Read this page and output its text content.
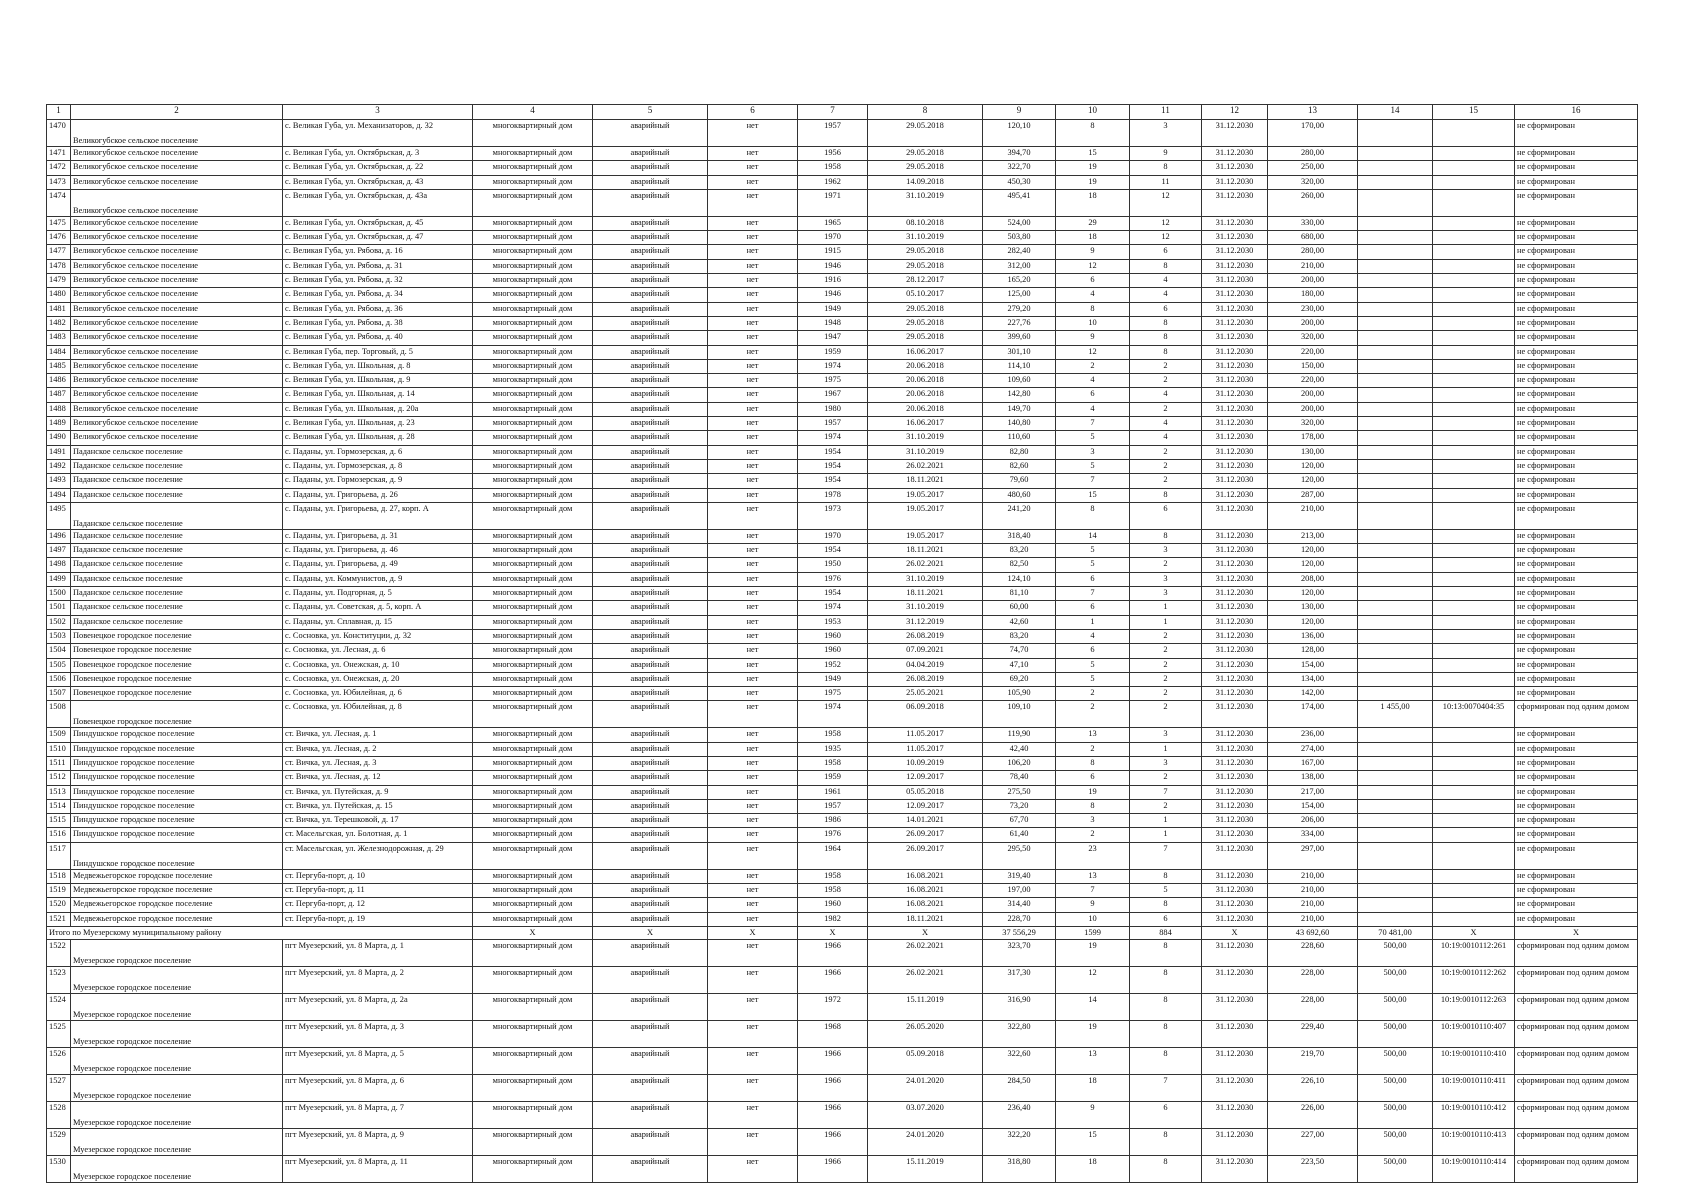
1	2	3	4	5	6	7	8	9	10	11	12	13	14	15	16
1470	Великогубское сельское поселение	с. Великая Губа, ул. Механизаторов, д. 32	многоквартирный дом	аварийный	нет	1957	29.05.2018	120,10	8	3	31.12.2030	170,00			не сформирован
1471	Великогубское сельское поселение	с. Великая Губа, ул. Октябрьская, д. 3	многоквартирный дом	аварийный	нет	1956	29.05.2018	394,70	15	9	31.12.2030	280,00			не сформирован
1472	Великогубское сельское поселение	с. Великая Губа, ул. Октябрьская, д. 22	многоквартирный дом	аварийный	нет	1958	29.05.2018	322,70	19	8	31.12.2030	250,00			не сформирован
1473	Великогубское сельское поселение	с. Великая Губа, ул. Октябрьская, д. 43	многоквартирный дом	аварийный	нет	1962	14.09.2018	450,30	19	11	31.12.2030	320,00			не сформирован
1474	Великогубское сельское поселение	с. Великая Губа, ул. Октябрьская, д. 43а	многоквартирный дом	аварийный	нет	1971	31.10.2019	495,41	18	12	31.12.2030	260,00			не сформирован
1475	Великогубское сельское поселение	с. Великая Губа, ул. Октябрьская, д. 45	многоквартирный дом	аварийный	нет	1965	08.10.2018	524,00	29	12	31.12.2030	330,00			не сформирован
1476	Великогубское сельское поселение	с. Великая Губа, ул. Октябрьская, д. 47	многоквартирный дом	аварийный	нет	1970	31.10.2019	503,80	18	12	31.12.2030	680,00			не сформирован
1477	Великогубское сельское поселение	с. Великая Губа, ул. Рябова, д. 16	многоквартирный дом	аварийный	нет	1915	29.05.2018	282,40	9	6	31.12.2030	280,00			не сформирован
1478	Великогубское сельское поселение	с. Великая Губа, ул. Рябова, д. 31	многоквартирный дом	аварийный	нет	1946	29.05.2018	312,00	12	8	31.12.2030	210,00			не сформирован
1479	Великогубское сельское поселение	с. Великая Губа, ул. Рябова, д. 32	многоквартирный дом	аварийный	нет	1916	28.12.2017	165,20	6	4	31.12.2030	200,00			не сформирован
1480	Великогубское сельское поселение	с. Великая Губа, ул. Рябова, д. 34	многоквартирный дом	аварийный	нет	1946	05.10.2017	125,00	4	4	31.12.2030	180,00			не сформирован
1481	Великогубское сельское поселение	с. Великая Губа, ул. Рябова, д. 36	многоквартирный дом	аварийный	нет	1949	29.05.2018	279,20	8	6	31.12.2030	230,00			не сформирован
1482	Великогубское сельское поселение	с. Великая Губа, ул. Рябова, д. 38	многоквартирный дом	аварийный	нет	1948	29.05.2018	227,76	10	8	31.12.2030	200,00			не сформирован
1483	Великогубское сельское поселение	с. Великая Губа, ул. Рябова, д. 40	многоквартирный дом	аварийный	нет	1947	29.05.2018	399,60	9	8	31.12.2030	320,00			не сформирован
1484	Великогубское сельское поселение	с. Великая Губа, пер. Торговый, д. 5	многоквартирный дом	аварийный	нет	1959	16.06.2017	301,10	12	8	31.12.2030	220,00			не сформирован
1485	Великогубское сельское поселение	с. Великая Губа, ул. Школьная, д. 8	многоквартирный дом	аварийный	нет	1974	20.06.2018	114,10	2	2	31.12.2030	150,00			не сформирован
1486	Великогубское сельское поселение	с. Великая Губа, ул. Школьная, д. 9	многоквартирный дом	аварийный	нет	1975	20.06.2018	109,60	4	2	31.12.2030	220,00			не сформирован
1487	Великогубское сельское поселение	с. Великая Губа, ул. Школьная, д. 14	многоквартирный дом	аварийный	нет	1967	20.06.2018	142,80	6	4	31.12.2030	200,00			не сформирован
1488	Великогубское сельское поселение	с. Великая Губа, ул. Школьная, д. 20а	многоквартирный дом	аварийный	нет	1980	20.06.2018	149,70	4	2	31.12.2030	200,00			не сформирован
1489	Великогубское сельское поселение	с. Великая Губа, ул. Школьная, д. 23	многоквартирный дом	аварийный	нет	1957	16.06.2017	140,80	7	4	31.12.2030	320,00			не сформирован
1490	Великогубское сельское поселение	с. Великая Губа, ул. Школьная, д. 28	многоквартирный дом	аварийный	нет	1974	31.10.2019	110,60	5	4	31.12.2030	178,00			не сформирован
1491	Паданское сельское поселение	с. Паданы, ул. Гормозерская, д. 6	многоквартирный дом	аварийный	нет	1954	31.10.2019	82,80	3	2	31.12.2030	130,00			не сформирован
1492	Паданское сельское поселение	с. Паданы, ул. Гормозерская, д. 8	многоквартирный дом	аварийный	нет	1954	26.02.2021	82,60	5	2	31.12.2030	120,00			не сформирован
1493	Паданское сельское поселение	с. Паданы, ул. Гормозерская, д. 9	многоквартирный дом	аварийный	нет	1954	18.11.2021	79,60	7	2	31.12.2030	120,00			не сформирован
1494	Паданское сельское поселение	с. Паданы, ул. Григорьева, д. 26	многоквартирный дом	аварийный	нет	1978	19.05.2017	480,60	15	8	31.12.2030	287,00			не сформирован
1495	Паданское сельское поселение	с. Паданы, ул. Григорьева, д. 27, корп. А	многоквартирный дом	аварийный	нет	1973	19.05.2017	241,20	8	6	31.12.2030	210,00			не сформирован
1496	Паданское сельское поселение	с. Паданы, ул. Григорьева, д. 31	многоквартирный дом	аварийный	нет	1970	19.05.2017	318,40	14	8	31.12.2030	213,00			не сформирован
1497	Паданское сельское поселение	с. Паданы, ул. Григорьева, д. 46	многоквартирный дом	аварийный	нет	1954	18.11.2021	83,20	5	3	31.12.2030	120,00			не сформирован
1498	Паданское сельское поселение	с. Паданы, ул. Григорьева, д. 49	многоквартирный дом	аварийный	нет	1950	26.02.2021	82,50	5	2	31.12.2030	120,00			не сформирован
1499	Паданское сельское поселение	с. Паданы, ул. Коммунистов, д. 9	многоквартирный дом	аварийный	нет	1976	31.10.2019	124,10	6	3	31.12.2030	208,00			не сформирован
1500	Паданское сельское поселение	с. Паданы, ул. Подгорная, д. 5	многоквартирный дом	аварийный	нет	1954	18.11.2021	81,10	7	3	31.12.2030	120,00			не сформирован
1501	Паданское сельское поселение	с. Паданы, ул. Советская, д. 5, корп. А	многоквартирный дом	аварийный	нет	1974	31.10.2019	60,00	6	1	31.12.2030	130,00			не сформирован
1502	Паданское сельское поселение	с. Паданы, ул. Сплавная, д. 15	многоквартирный дом	аварийный	нет	1953	31.12.2019	42,60	1	1	31.12.2030	120,00			не сформирован
1503	Повенецкое городское поселение	с. Сосновка, ул. Конституции, д. 32	многоквартирный дом	аварийный	нет	1960	26.08.2019	83,20	4	2	31.12.2030	136,00			не сформирован
1504	Повенецкое городское поселение	с. Сосновка, ул. Лесная, д. 6	многоквартирный дом	аварийный	нет	1960	07.09.2021	74,70	6	2	31.12.2030	128,00			не сформирован
1505	Повенецкое городское поселение	с. Сосновка, ул. Онежская, д. 10	многоквартирный дом	аварийный	нет	1952	04.04.2019	47,10	5	2	31.12.2030	154,00			не сформирован
1506	Повенецкое городское поселение	с. Сосновка, ул. Онежская, д. 20	многоквартирный дом	аварийный	нет	1949	26.08.2019	69,20	5	2	31.12.2030	134,00			не сформирован
1507	Повенецкое городское поселение	с. Сосновка, ул. Юбилейная, д. 6	многоквартирный дом	аварийный	нет	1975	25.05.2021	105,90	2	2	31.12.2030	142,00			не сформирован
1508	Повенецкое городское поселение	с. Сосновка, ул. Юбилейная, д. 8	многоквартирный дом	аварийный	нет	1974	06.09.2018	109,10	2	2	31.12.2030	174,00	1 455,00	10:13:0070404:35	сформирован под одним домом
1509	Пиндушское городское поселение	ст. Вичка, ул. Лесная, д. 1	многоквартирный дом	аварийный	нет	1958	11.05.2017	119,90	13	3	31.12.2030	236,00			не сформирован
1510	Пиндушское городское поселение	ст. Вичка, ул. Лесная, д. 2	многоквартирный дом	аварийный	нет	1935	11.05.2017	42,40	2	1	31.12.2030	274,00			не сформирован
1511	Пиндушское городское поселение	ст. Вичка, ул. Лесная, д. 3	многоквартирный дом	аварийный	нет	1958	10.09.2019	106,20	8	3	31.12.2030	167,00			не сформирован
1512	Пиндушское городское поселение	ст. Вичка, ул. Лесная, д. 12	многоквартирный дом	аварийный	нет	1959	12.09.2017	78,40	6	2	31.12.2030	138,00			не сформирован
1513	Пиндушское городское поселение	ст. Вичка, ул. Путейская, д. 9	многоквартирный дом	аварийный	нет	1961	05.05.2018	275,50	19	7	31.12.2030	217,00			не сформирован
1514	Пиндушское городское поселение	ст. Вичка, ул. Путейская, д. 15	многоквартирный дом	аварийный	нет	1957	12.09.2017	73,20	8	2	31.12.2030	154,00			не сформирован
1515	Пиндушское городское поселение	ст. Вичка, ул. Терешковой, д. 17	многоквартирный дом	аварийный	нет	1986	14.01.2021	67,70	3	1	31.12.2030	206,00			не сформирован
1516	Пиндушское городское поселение	ст. Масельгская, ул. Болотная, д. 1	многоквартирный дом	аварийный	нет	1976	26.09.2017	61,40	2	1	31.12.2030	334,00			не сформирован
1517	Пиндушское городское поселение	ст. Масельгская, ул. Железнодорожная, д. 29	многоквартирный дом	аварийный	нет	1964	26.09.2017	295,50	23	7	31.12.2030	297,00			не сформирован
1518	Медвежьегорское городское поселение	ст. Пергуба-порт, д. 10	многоквартирный дом	аварийный	нет	1958	16.08.2021	319,40	13	8	31.12.2030	210,00			не сформирован
1519	Медвежьегорское городское поселение	ст. Пергуба-порт, д. 11	многоквартирный дом	аварийный	нет	1958	16.08.2021	197,00	7	5	31.12.2030	210,00			не сформирован
1520	Медвежьегорское городское поселение	ст. Пергуба-порт, д. 12	многоквартирный дом	аварийный	нет	1960	16.08.2021	314,40	9	8	31.12.2030	210,00			не сформирован
1521	Медвежьегорское городское поселение	ст. Пергуба-порт, д. 19	многоквартирный дом	аварийный	нет	1982	18.11.2021	228,70	10	6	31.12.2030	210,00			не сформирован
Итого по Муезерскому муниципальному району			X	X	X	X	X	37 556,29	1599	884	X	43 692,60	70 481,00	X	X
1522	Муезерское городское поселение	пгт Муезерский, ул. 8 Марта, д. 1	многоквартирный дом	аварийный	нет	1966	26.02.2021	323,70	19	8	31.12.2030	228,60	500,00	10:19:0010112:261	сформирован под одним домом
1523	Муезерское городское поселение	пгт Муезерский, ул. 8 Марта, д. 2	многоквартирный дом	аварийный	нет	1966	26.02.2021	317,30	12	8	31.12.2030	228,00	500,00	10:19:0010112:262	сформирован под одним домом
1524	Муезерское городское поселение	пгт Муезерский, ул. 8 Марта, д. 2а	многоквартирный дом	аварийный	нет	1972	15.11.2019	316,90	14	8	31.12.2030	228,00	500,00	10:19:0010112:263	сформирован под одним домом
1525	Муезерское городское поселение	пгт Муезерский, ул. 8 Марта, д. 3	многоквартирный дом	аварийный	нет	1968	26.05.2020	322,80	19	8	31.12.2030	229,40	500,00	10:19:0010110:407	сформирован под одним домом
1526	Муезерское городское поселение	пгт Муезерский, ул. 8 Марта, д. 5	многоквартирный дом	аварийный	нет	1966	05.09.2018	322,60	13	8	31.12.2030	219,70	500,00	10:19:0010110:410	сформирован под одним домом
1527	Муезерское городское поселение	пгт Муезерский, ул. 8 Марта, д. 6	многоквартирный дом	аварийный	нет	1966	24.01.2020	284,50	18	7	31.12.2030	226,10	500,00	10:19:0010110:411	сформирован под одним домом
1528	Муезерское городское поселение	пгт Муезерский, ул. 8 Марта, д. 7	многоквартирный дом	аварийный	нет	1966	03.07.2020	236,40	9	6	31.12.2030	226,00	500,00	10:19:0010110:412	сформирован под одним домом
1529	Муезерское городское поселение	пгт Муезерский, ул. 8 Марта, д. 9	многоквартирный дом	аварийный	нет	1966	24.01.2020	322,20	15	8	31.12.2030	227,00	500,00	10:19:0010110:413	сформирован под одним домом
1530	Муезерское городское поселение	пгт Муезерский, ул. 8 Марта, д. 11	многоквартирный дом	аварийный	нет	1966	15.11.2019	318,80	18	8	31.12.2030	223,50	500,00	10:19:0010110:414	сформирован под одним домом
